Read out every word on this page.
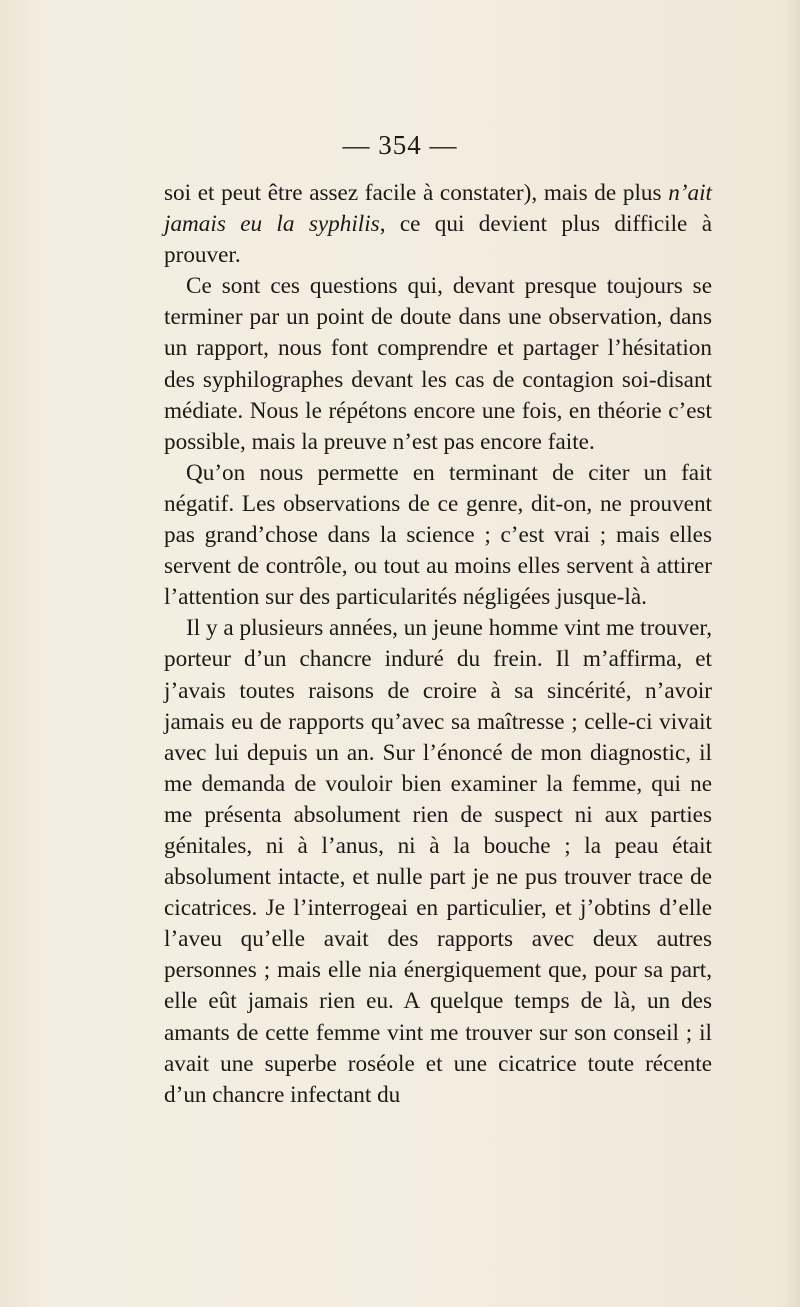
— 354 —

soi et peut être assez facile à constater), mais de plus n’ait jamais eu la syphilis, ce qui devient plus difficile à prouver.

Ce sont ces questions qui, devant presque toujours se terminer par un point de doute dans une observation, dans un rapport, nous font comprendre et partager l’hésitation des syphilographes devant les cas de contagion soi-disant médiate. Nous le répétons encore une fois, en théorie c’est possible, mais la preuve n’est pas encore faite.

Qu’on nous permette en terminant de citer un fait négatif. Les observations de ce genre, dit-on, ne prouvent pas grand’chose dans la science ; c’est vrai ; mais elles servent de contrôle, ou tout au moins elles servent à attirer l’attention sur des particularités négligées jusque-là.

Il y a plusieurs années, un jeune homme vint me trouver, porteur d’un chancre induré du frein. Il m’affirma, et j’avais toutes raisons de croire à sa sincérité, n’avoir jamais eu de rapports qu’avec sa maîtresse ; celle-ci vivait avec lui depuis un an. Sur l’énoncé de mon diagnostic, il me demanda de vouloir bien examiner la femme, qui ne me présenta absolument rien de suspect ni aux parties génitales, ni à l’anus, ni à la bouche ; la peau était absolument intacte, et nulle part je ne pus trouver trace de cicatrices. Je l’interrogeai en particulier, et j’obtins d’elle l’aveu qu’elle avait des rapports avec deux autres personnes ; mais elle nia énergiquement que, pour sa part, elle eût jamais rien eu. A quelque temps de là, un des amants de cette femme vint me trouver sur son conseil ; il avait une superbe roséole et une cicatrice toute récente d’un chancre infectant du
